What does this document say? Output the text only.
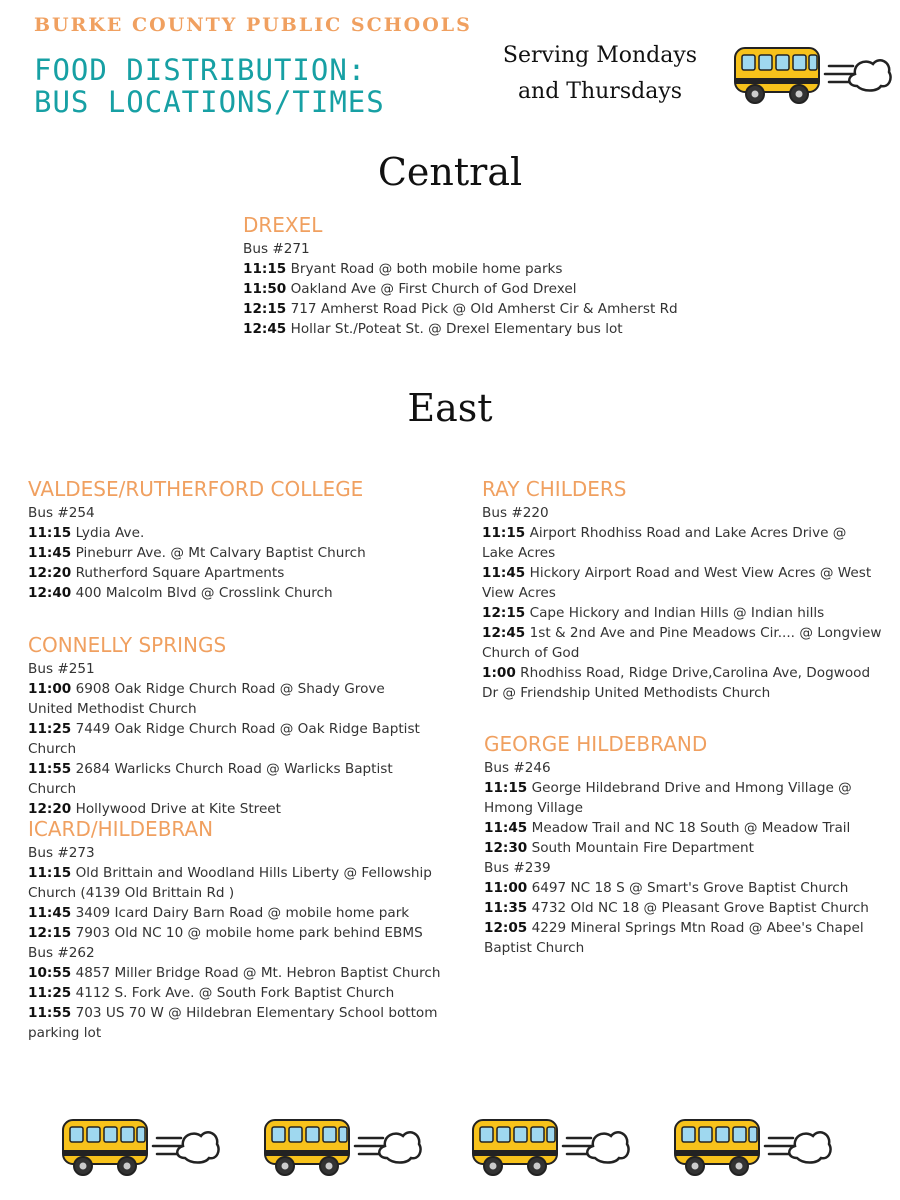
BURKE COUNTY PUBLIC SCHOOLS
FOOD DISTRIBUTION:
BUS LOCATIONS/TIMES
Serving Mondays
and Thursdays
Central
DREXEL
Bus #271
11:15 Bryant Road @ both mobile home parks
11:50 Oakland Ave @ First Church of God Drexel
12:15 717 Amherst Road Pick @ Old Amherst Cir & Amherst Rd
12:45 Hollar St./Poteat St. @ Drexel Elementary bus lot
East
VALDESE/RUTHERFORD COLLEGE
Bus #254
11:15 Lydia Ave.
11:45 Pineburr Ave. @ Mt Calvary Baptist Church
12:20 Rutherford Square Apartments
12:40 400 Malcolm Blvd @ Crosslink Church
CONNELLY SPRINGS
Bus #251
11:00 6908 Oak Ridge Church Road @ Shady Grove United Methodist Church
11:25 7449 Oak Ridge Church Road @ Oak Ridge Baptist Church
11:55 2684 Warlicks Church Road @ Warlicks Baptist Church
12:20 Hollywood Drive at Kite Street
ICARD/HILDEBRAN
Bus #273
11:15 Old Brittain and Woodland Hills Liberty @ Fellowship Church (4139 Old Brittain Rd )
11:45 3409 Icard Dairy Barn Road @ mobile home park
12:15 7903 Old NC 10 @ mobile home park behind EBMS
Bus #262
10:55 4857 Miller Bridge Road @ Mt. Hebron Baptist Church
11:25 4112 S. Fork Ave. @ South Fork Baptist Church
11:55 703 US 70 W @ Hildebran Elementary School bottom parking lot
RAY CHILDERS
Bus #220
11:15 Airport Rhodhiss Road and Lake Acres Drive @ Lake Acres
11:45 Hickory Airport Road and West View Acres @ West View Acres
12:15 Cape Hickory and Indian Hills @ Indian hills
12:45 1st & 2nd Ave and Pine Meadows Cir.... @ Longview Church of God
1:00 Rhodhiss Road, Ridge Drive,Carolina Ave, Dogwood Dr @ Friendship United Methodists Church
GEORGE HILDEBRAND
Bus #246
11:15 George Hildebrand Drive and Hmong Village @ Hmong Village
11:45 Meadow Trail and NC 18 South @ Meadow Trail
12:30 South Mountain Fire Department
Bus #239
11:00 6497 NC 18 S @ Smart's Grove Baptist Church
11:35 4732 Old NC 18 @ Pleasant Grove Baptist Church
12:05 4229 Mineral Springs Mtn Road @ Abee's Chapel Baptist Church
